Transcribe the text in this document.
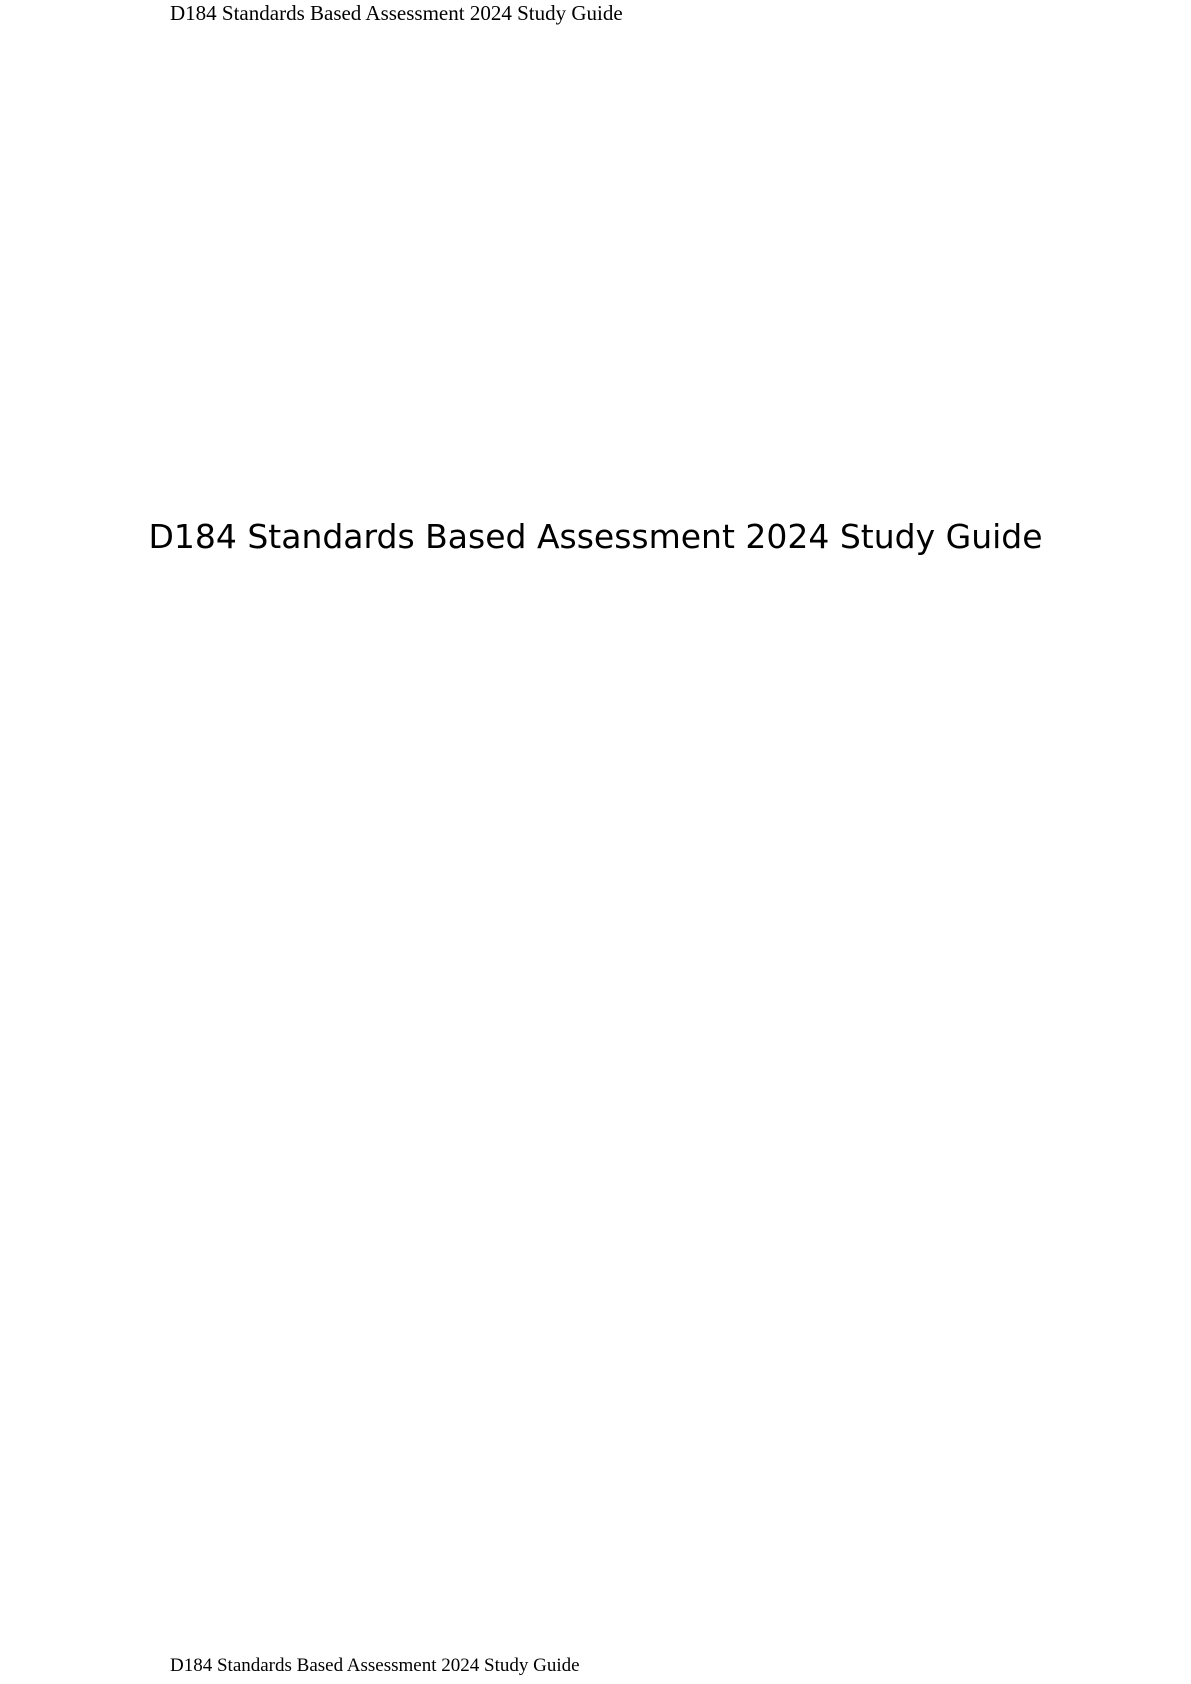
D184 Standards Based Assessment 2024 Study Guide
D184 Standards Based Assessment 2024 Study Guide
D184 Standards Based Assessment 2024 Study Guide
